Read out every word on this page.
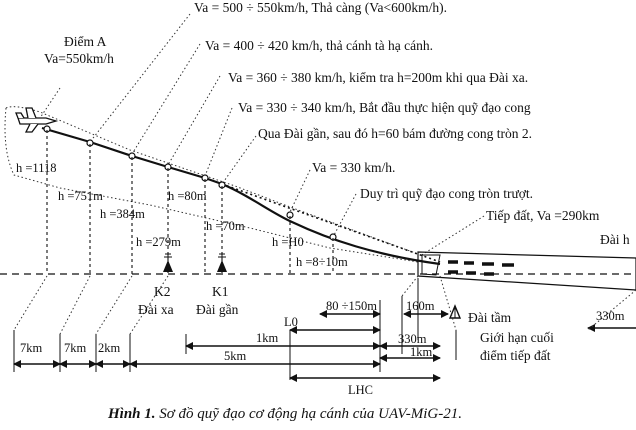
Va = 500 ÷ 550km/h, Thả càng (Va<600km/h).
Va = 400 ÷ 420 km/h, thả cánh tà hạ cánh.
Va = 360 ÷ 380 km/h, kiểm tra h=200m khi qua Đài xa.
Va = 330 ÷ 340 km/h, Bắt đầu thực hiện quỹ đạo cong
Qua Đài gần, sau đó h=60 bám đường cong tròn 2.
Va = 330 km/h.
Duy trì quỹ đạo cong tròn trượt.
Tiếp đất, Va =290km
Đài h
Điểm A
Va=550km/h
h =1118
h =751m
h =384m
h =279m
h =80m
h =70m
h =H0
h =8÷10m
K2	K1
Đài xa Đài gần
Đài tầm
Giới hạn cuối
điểm tiếp đất
7km 7km 2km
1km
5km
L0
80 ÷150m 160m
330m
1km
330m
LHC
Hình 1. Sơ đồ quỹ đạo cơ động hạ cánh của UAV-MiG-21.
